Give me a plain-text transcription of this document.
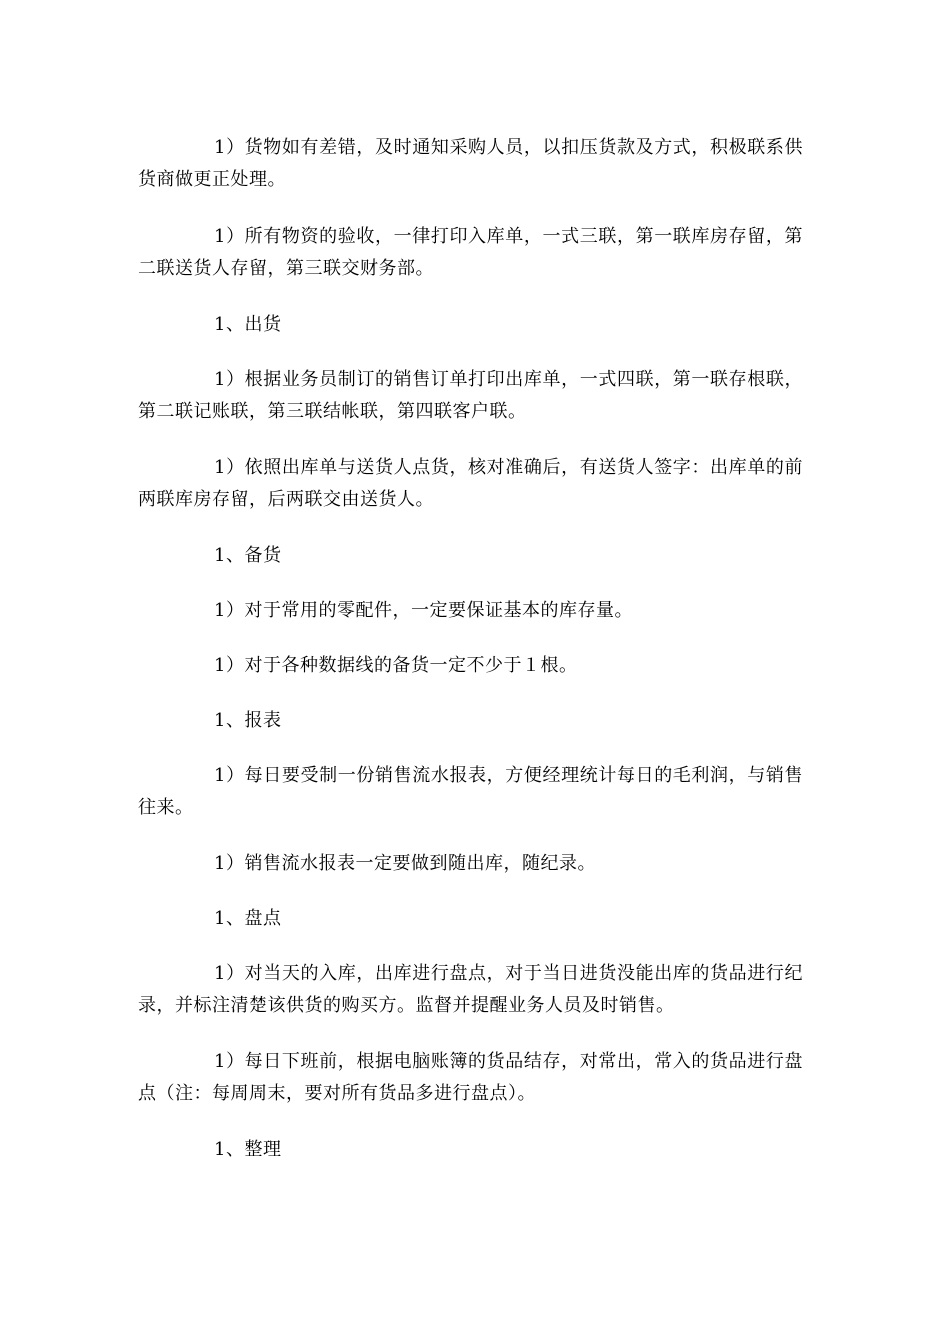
1）货物如有差错，及时通知采购人员，以扣压货款及方式，积极联系供货商做更正处理。

1）所有物资的验收，一律打印入库单，一式三联，第一联库房存留，第二联送货人存留，第三联交财务部。

1、出货

1）根据业务员制订的销售订单打印出库单，一式四联，第一联存根联，第二联记账联，第三联结帐联，第四联客户联。

1）依照出库单与送货人点货，核对准确后，有送货人签字：出库单的前两联库房存留，后两联交由送货人。

1、备货

1）对于常用的零配件，一定要保证基本的库存量。

1）对于各种数据线的备货一定不少于１根。

1、报表

1）每日要受制一份销售流水报表，方便经理统计每日的毛利润，与销售往来。

1）销售流水报表一定要做到随出库，随纪录。

1、盘点

1）对当天的入库，出库进行盘点，对于当日进货没能出库的货品进行纪录，并标注清楚该供货的购买方。监督并提醒业务人员及时销售。

1）每日下班前，根据电脑账簿的货品结存，对常出，常入的货品进行盘点（注：每周周末，要对所有货品多进行盘点）。

1、整理
